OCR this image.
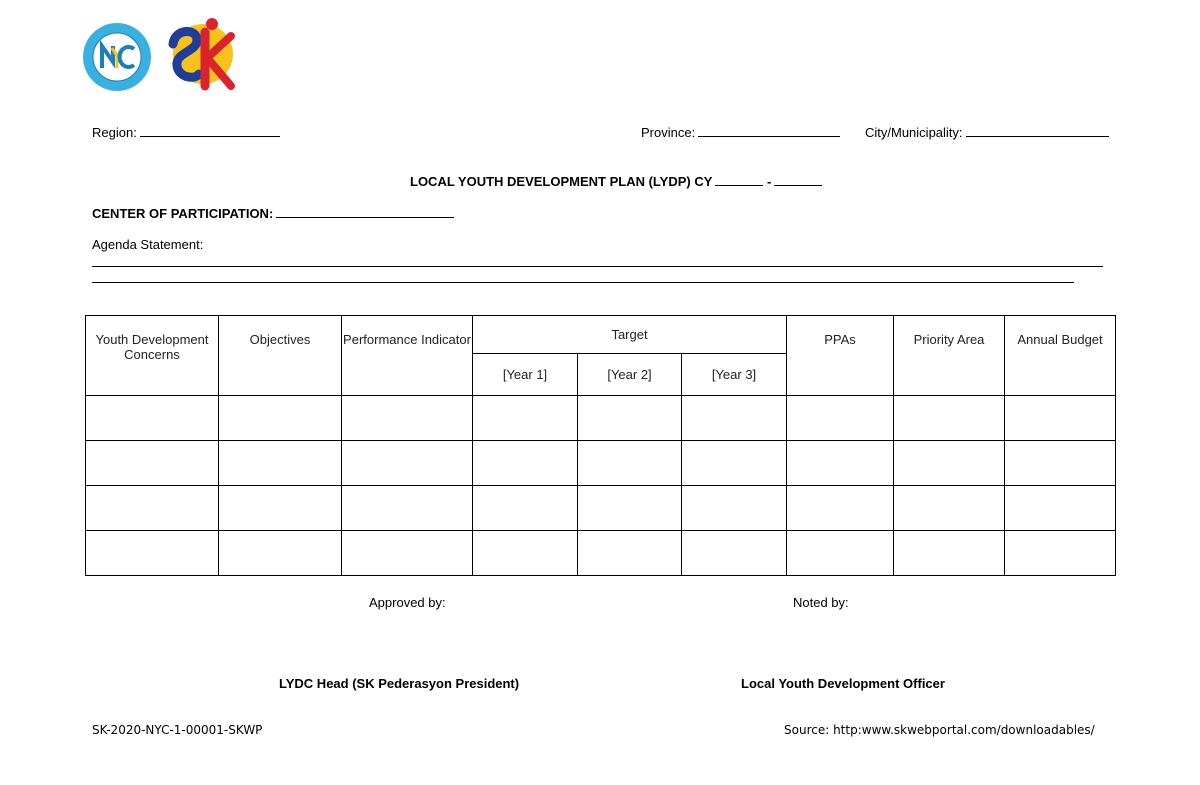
Region:	Province:	City/Municipality:
LOCAL YOUTH DEVELOPMENT PLAN (LYDP) CY	-
CENTER OF PARTICIPATION:
Agenda Statement:
Youth Development Concerns	Objectives	Performance Indicator	Target			PPAs	Priority Area	Annual Budget
			[Year 1]	[Year 2]	[Year 3]			

Approved by:	Noted by:
LYDC Head (SK Pederasyon President)	Local Youth Development Officer
SK-2020-NYC-1-00001-SKWP	Source: http:www.skwebportal.com/downloadables/
